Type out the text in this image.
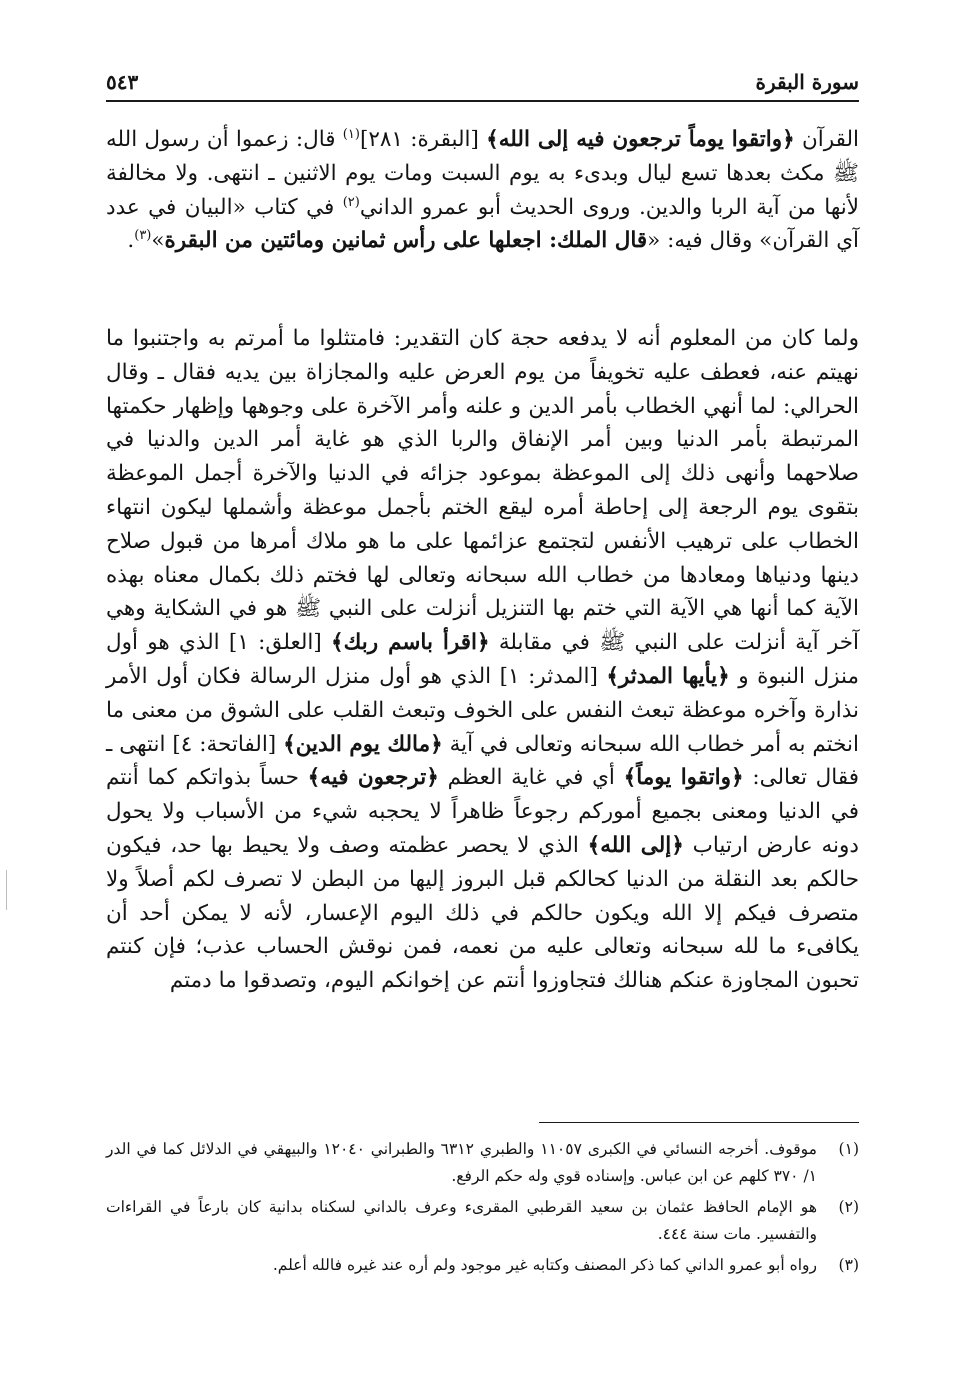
سورة البقرة
٥٤٣

القرآن ﴿واتقوا يوماً ترجعون فيه إلى الله﴾ [البقرة: ٢٨١]$^{(١)}$ قال: زعموا أن رسول الله ﷺ مكث بعدها تسع ليال وبدىء به يوم السبت ومات يوم الاثنين ـ انتهى. ولا مخالفة لأنها من آية الربا والدين. وروى الحديث أبو عمرو الداني$^{(٢)}$ في كتاب «البيان في عدد آي القرآن» وقال فيه: «قال الملك: اجعلها على رأس ثمانين ومائتين من البقرة»$^{(٣)}$.

ولما كان من المعلوم أنه لا يدفعه حجة كان التقدير: فامتثلوا ما أمرتم به واجتنبوا ما نهيتم عنه، فعطف عليه تخويفاً من يوم العرض عليه والمجازاة بين يديه فقال ـ وقال الحرالي: لما أنهي الخطاب بأمر الدين و علنه وأمر الآخرة على وجوهها وإظهار حكمتها المرتبطة بأمر الدنيا وبين أمر الإنفاق والربا الذي هو غاية أمر الدين والدنيا في صلاحهما وأنهى ذلك إلى الموعظة بموعود جزائه في الدنيا والآخرة أجمل الموعظة بتقوى يوم الرجعة إلى إحاطة أمره ليقع الختم بأجمل موعظة وأشملها ليكون انتهاء الخطاب على ترهيب الأنفس لتجتمع عزائمها على ما هو ملاك أمرها من قبول صلاح دينها ودنياها ومعادها من خطاب الله سبحانه وتعالى لها فختم ذلك بكمال معناه بهذه الآية كما أنها هي الآية التي ختم بها التنزيل أنزلت على النبي ﷺ هو في الشكاية وهي آخر آية أنزلت على النبي ﷺ في مقابلة ﴿اقرأ باسم ربك﴾ [العلق: ١] الذي هو أول منزل النبوة و ﴿يأيها المدثر﴾ [المدثر: ١] الذي هو أول منزل الرسالة فكان أول الأمر نذارة وآخره موعظة تبعث النفس على الخوف وتبعث القلب على الشوق من معنى ما انختم به أمر خطاب الله سبحانه وتعالى في آية ﴿مالك يوم الدين﴾ [الفاتحة: ٤] انتهى ـ فقال تعالى: ﴿واتقوا يوماً﴾ أي في غاية العظم ﴿ترجعون فيه﴾ حساً بذواتكم كما أنتم في الدنيا ومعنى بجميع أموركم رجوعاً ظاهراً لا يحجبه شيء من الأسباب ولا يحول دونه عارض ارتياب ﴿إلى الله﴾ الذي لا يحصر عظمته وصف ولا يحيط بها حد، فيكون حالكم بعد النقلة من الدنيا كحالكم قبل البروز إليها من البطن لا تصرف لكم أصلاً ولا متصرف فيكم إلا الله ويكون حالكم في ذلك اليوم الإعسار، لأنه لا يمكن أحد أن يكافىء ما لله سبحانه وتعالى عليه من نعمه، فمن نوقش الحساب عذب؛ فإن كنتم تحبون المجاوزة عنكم هنالك فتجاوزوا أنتم عن إخوانكم اليوم، وتصدقوا ما دمتم

(١)
موقوف. أخرجه النسائي في الكبرى ١١٠٥٧ والطبري ٦٣١٢ والطبراني ١٢٠٤٠ والبيهقي في الدلائل كما في الدر ١/ ٣٧٠ كلهم عن ابن عباس. وإسناده قوي وله حكم الرفع.
(٢)
هو الإمام الحافظ عثمان بن سعيد القرطبي المقرىء وعرف بالداني لسكناه بدانية كان بارعاً في القراءات والتفسير. مات سنة ٤٤٤.
(٣)
رواه أبو عمرو الداني كما ذكر المصنف وكتابه غير موجود ولم أره عند غيره فالله أعلم.
